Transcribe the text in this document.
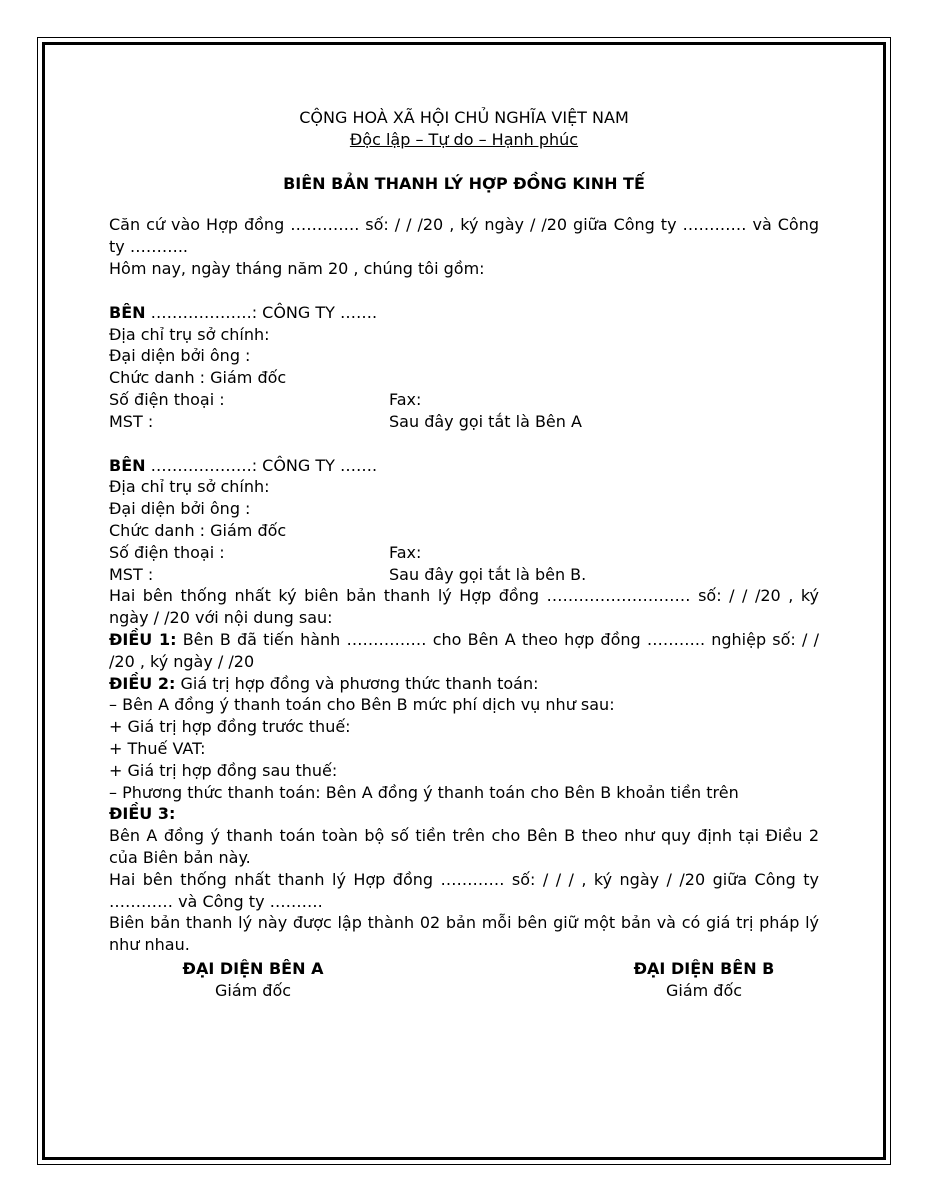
CỘNG HOÀ XÃ HỘI CHỦ NGHĨA VIỆT NAM
Độc lập – Tự do – Hạnh phúc
BIÊN BẢN THANH LÝ HỢP ĐỒNG KINH TẾ
Căn cứ vào Hợp đồng …………. số: / / /20 , ký ngày / /20 giữa Công ty ………… và Công ty ………..
Hôm nay, ngày tháng năm 20 , chúng tôi gồm:
BÊN ……………….: CÔNG TY …….
Địa chỉ trụ sở chính:
Đại diện bởi ông :
Chức danh : Giám đốc
Số điện thoại :	Fax:
MST :	Sau đây gọi tắt là Bên A
BÊN ……………….: CÔNG TY …….
Địa chỉ trụ sở chính:
Đại diện bởi ông :
Chức danh : Giám đốc
Số điện thoại :	Fax:
MST :	Sau đây gọi tắt là bên B.
Hai bên thống nhất ký biên bản thanh lý Hợp đồng ……………………… số: / / /20 , ký ngày / /20 với nội dung sau:
ĐIỀU 1: Bên B đã tiến hành …………… cho Bên A theo hợp đồng ……….. nghiệp số: / / /20 , ký ngày / /20
ĐIỀU 2: Giá trị hợp đồng và phương thức thanh toán:
– Bên A đồng ý thanh toán cho Bên B mức phí dịch vụ như sau:
+ Giá trị hợp đồng trước thuế:
+ Thuế VAT:
+ Giá trị hợp đồng sau thuế:
– Phương thức thanh toán: Bên A đồng ý thanh toán cho Bên B khoản tiền trên
ĐIỀU 3:
Bên A đồng ý thanh toán toàn bộ số tiền trên cho Bên B theo như quy định tại Điều 2 của Biên bản này.
Hai bên thống nhất thanh lý Hợp đồng ………… số: / / / , ký ngày / /20 giữa Công ty ………… và Công ty ……….
Biên bản thanh lý này được lập thành 02 bản mỗi bên giữ một bản và có giá trị pháp lý như nhau.
ĐẠI DIỆN BÊN A
Giám đốc
ĐẠI DIỆN BÊN B
Giám đốc
